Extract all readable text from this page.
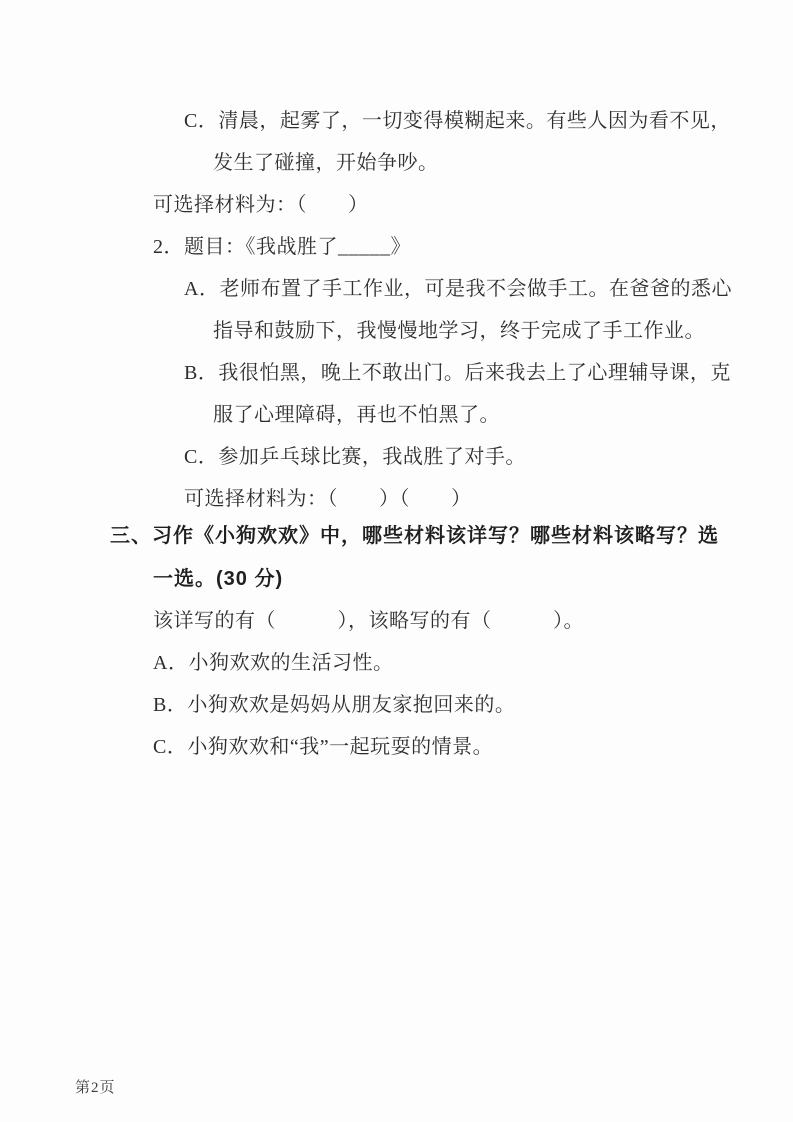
C．清晨，起雾了，一切变得模糊起来。有些人因为看不见，
发生了碰撞，开始争吵。
可选择材料为：（　　）
2．题目：《我战胜了_____》
A．老师布置了手工作业，可是我不会做手工。在爸爸的悉心
指导和鼓励下，我慢慢地学习，终于完成了手工作业。
B．我很怕黑，晚上不敢出门。后来我去上了心理辅导课，克
服了心理障碍，再也不怕黑了。
C．参加乒乓球比赛，我战胜了对手。
可选择材料为：（　　）（　　）
三、习作《小狗欢欢》中，哪些材料该详写？哪些材料该略写？选
一选。(30 分)
该详写的有（　　　），该略写的有（　　　）。
A．小狗欢欢的生活习性。
B．小狗欢欢是妈妈从朋友家抱回来的。
C．小狗欢欢和“我”一起玩耍的情景。
第2页
